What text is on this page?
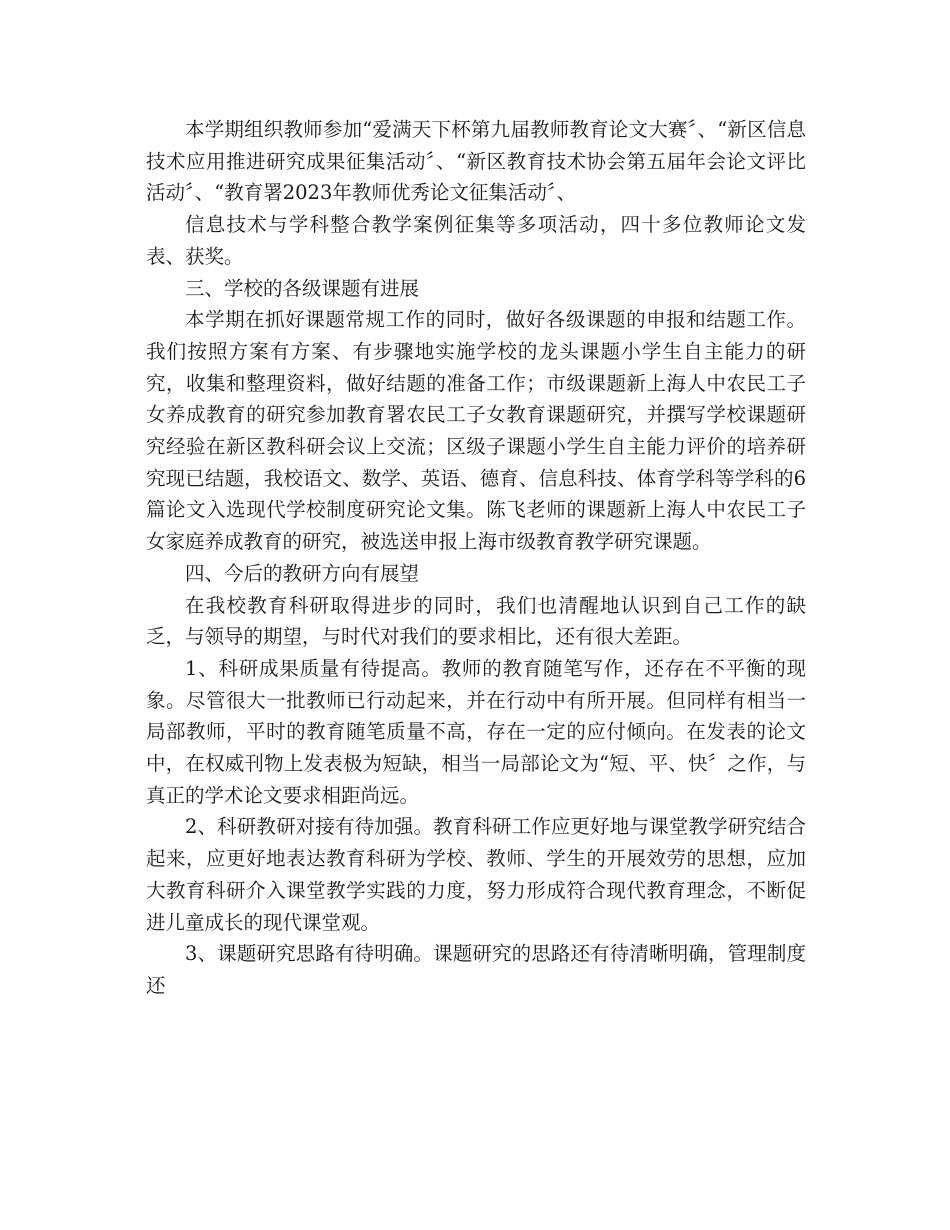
本学期组织教师参加“爱满天下杯第九届教师教育论文大赛〞、“新区信息技术应用推进研究成果征集活动〞、“新区教育技术协会第五届年会论文评比活动〞、“教育署2023年教师优秀论文征集活动〞、

信息技术与学科整合教学案例征集等多项活动，四十多位教师论文发表、获奖。

三、学校的各级课题有进展

本学期在抓好课题常规工作的同时，做好各级课题的申报和结题工作。我们按照方案有方案、有步骤地实施学校的龙头课题小学生自主能力的研究，收集和整理资料，做好结题的准备工作；市级课题新上海人中农民工子女养成教育的研究参加教育署农民工子女教育课题研究，并撰写学校课题研究经验在新区教科研会议上交流；区级子课题小学生自主能力评价的培养研究现已结题，我校语文、数学、英语、德育、信息科技、体育学科等学科的6篇论文入选现代学校制度研究论文集。陈飞老师的课题新上海人中农民工子女家庭养成教育的研究，被选送申报上海市级教育教学研究课题。

四、今后的教研方向有展望

在我校教育科研取得进步的同时，我们也清醒地认识到自己工作的缺乏，与领导的期望，与时代对我们的要求相比，还有很大差距。

1、科研成果质量有待提高。教师的教育随笔写作，还存在不平衡的现象。尽管很大一批教师已行动起来，并在行动中有所开展。但同样有相当一局部教师，平时的教育随笔质量不高，存在一定的应付倾向。在发表的论文中，在权威刊物上发表极为短缺，相当一局部论文为“短、平、快〞之作，与真正的学术论文要求相距尚远。

2、科研教研对接有待加强。教育科研工作应更好地与课堂教学研究结合起来，应更好地表达教育科研为学校、教师、学生的开展效劳的思想，应加大教育科研介入课堂教学实践的力度，努力形成符合现代教育理念，不断促进儿童成长的现代课堂观。

3、课题研究思路有待明确。课题研究的思路还有待清晰明确，管理制度还
